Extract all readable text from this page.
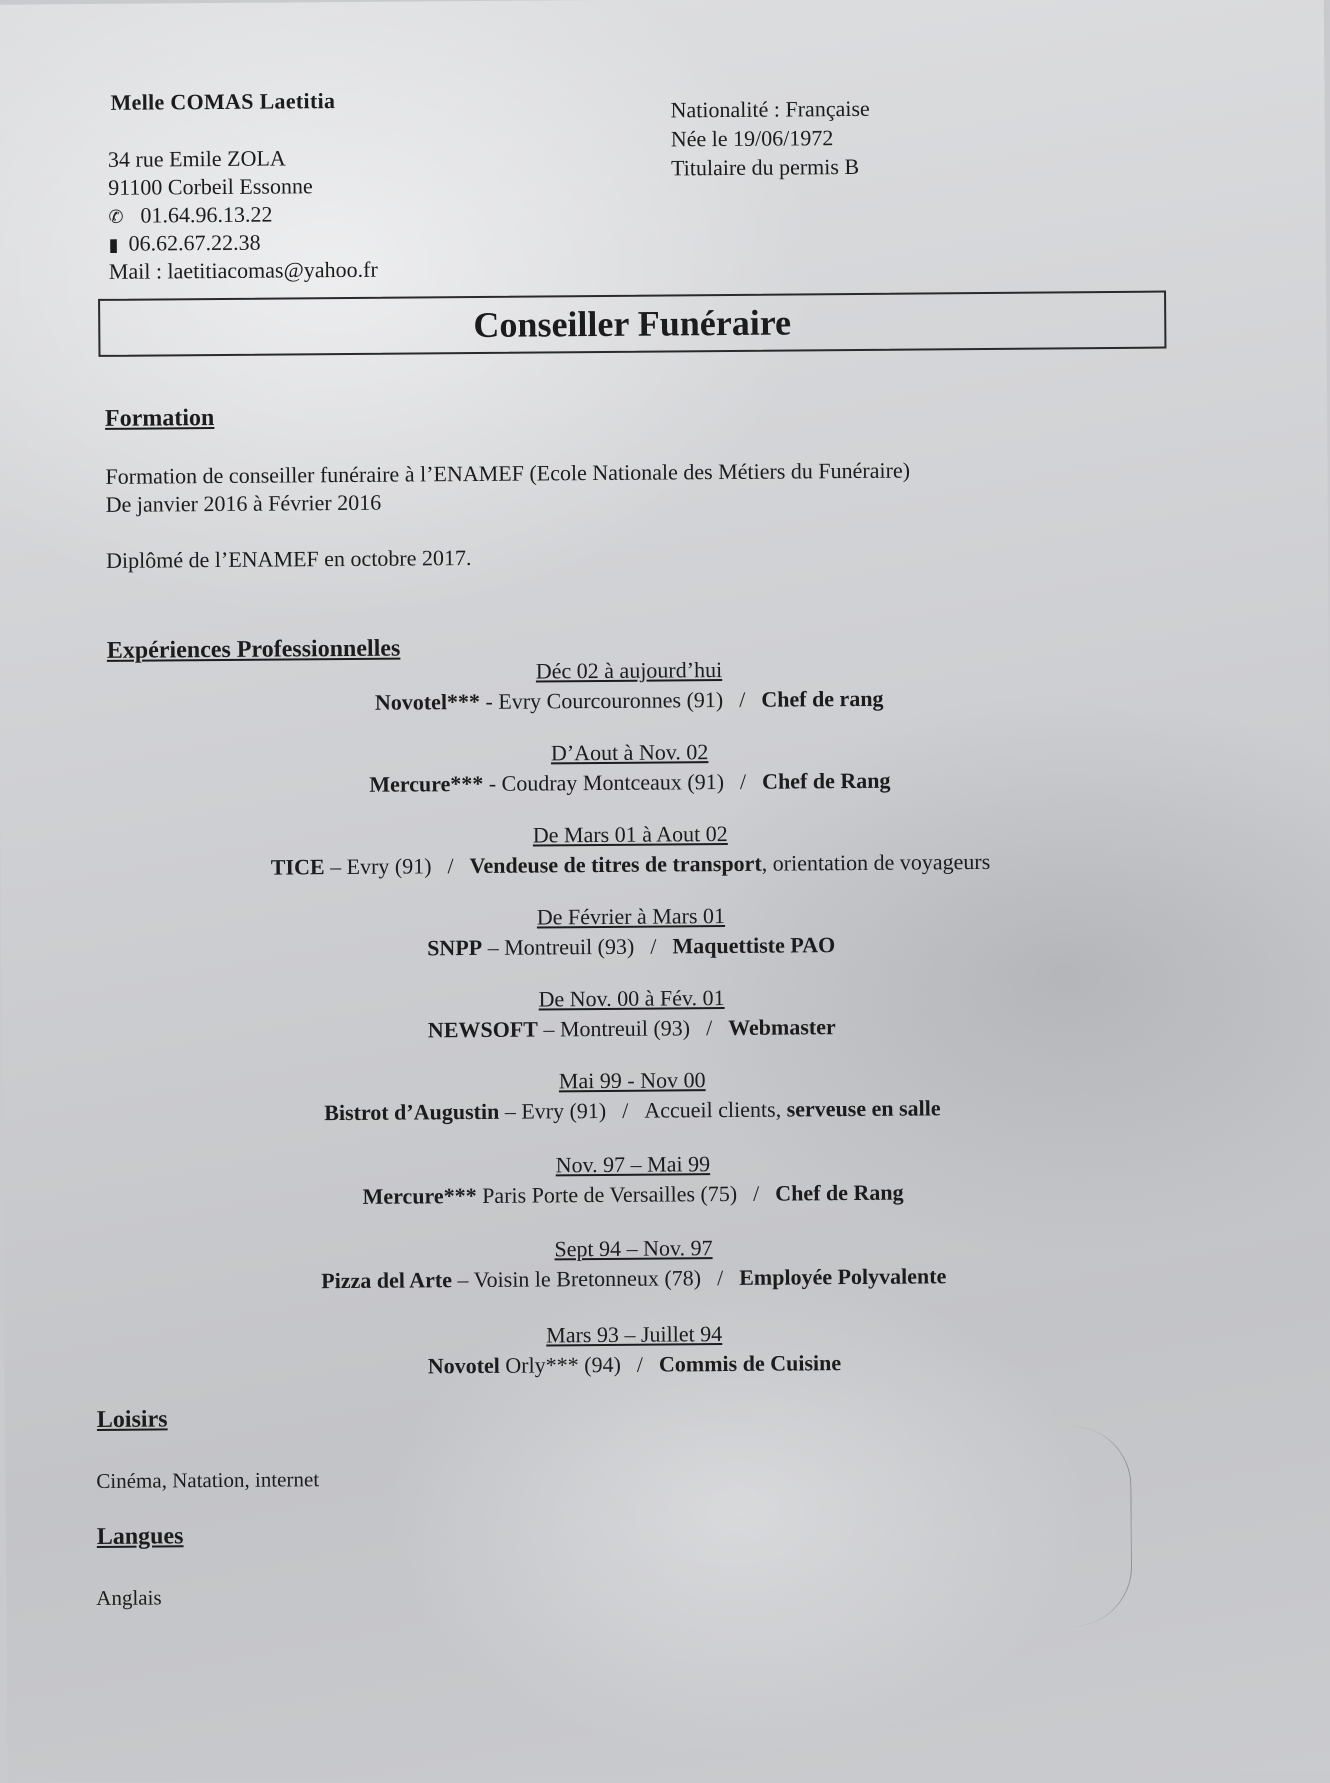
Melle COMAS Laetitia
34 rue Emile ZOLA
91100 Corbeil Essonne
✆ 01.64.96.13.22
▮ 06.62.67.22.38
Mail : laetitiacomas@yahoo.fr
Nationalité : Française
Née le 19/06/1972
Titulaire du permis B
Conseiller Funéraire
Formation
Formation de conseiller funéraire à l’ENAMEF (Ecole Nationale des Métiers du Funéraire)
De janvier 2016 à Février 2016
Diplômé de l’ENAMEF en octobre 2017.
Expériences Professionnelles
Déc 02 à aujourd’hui
Novotel*** - Evry Courcouronnes (91) / Chef de rang
D’Aout à Nov. 02
Mercure*** - Coudray Montceaux (91) / Chef de Rang
De Mars 01 à Aout 02
TICE – Evry (91) / Vendeuse de titres de transport, orientation de voyageurs
De Février à Mars 01
SNPP – Montreuil (93) / Maquettiste PAO
De Nov. 00 à Fév. 01
NEWSOFT – Montreuil (93) / Webmaster
Mai 99 - Nov 00
Bistrot d’Augustin – Evry (91) / Accueil clients, serveuse en salle
Nov. 97 – Mai 99
Mercure*** Paris Porte de Versailles (75) / Chef de Rang
Sept 94 – Nov. 97
Pizza del Arte – Voisin le Bretonneux (78) / Employée Polyvalente
Mars 93 – Juillet 94
Novotel Orly*** (94) / Commis de Cuisine
Loisirs
Cinéma, Natation, internet
Langues
Anglais
